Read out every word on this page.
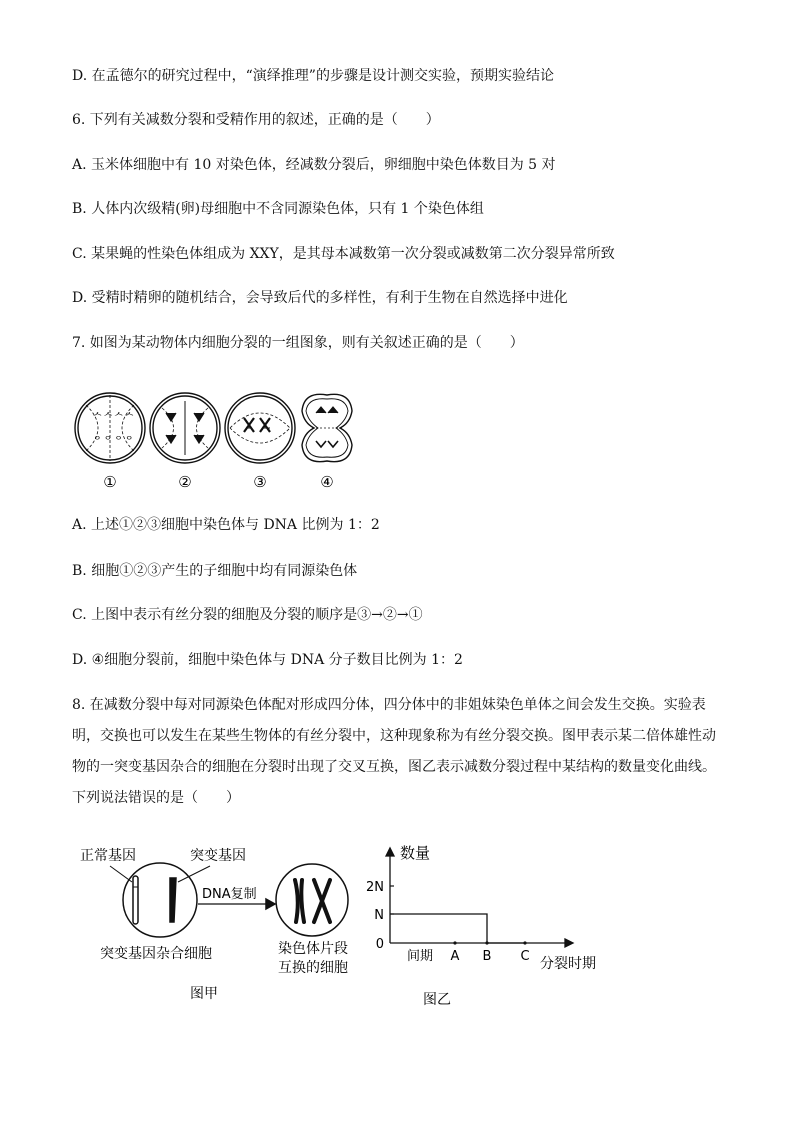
D. 在孟德尔的研究过程中，“演绎推理”的步骤是设计测交实验，预期实验结论
6. 下列有关减数分裂和受精作用的叙述，正确的是（　　）
A. 玉米体细胞中有 10 对染色体，经减数分裂后，卵细胞中染色体数目为 5 对
B. 人体内次级精(卵)母细胞中不含同源染色体，只有 1 个染色体组
C. 某果蝇的性染色体组成为 XXY，是其母本减数第一次分裂或减数第二次分裂异常所致
D. 受精时精卵的随机结合，会导致后代的多样性，有利于生物在自然选择中进化
7. 如图为某动物体内细胞分裂的一组图象，则有关叙述正确的是（　　）
ᄉᄉᄉᄉ
ᄋᄋᄋᄋ
①	②	③	④
A. 上述①②③细胞中染色体与 DNA 比例为 1：2
B. 细胞①②③产生的子细胞中均有同源染色体
C. 上图中表示有丝分裂的细胞及分裂的顺序是③→②→①
D. ④细胞分裂前，细胞中染色体与 DNA 分子数目比例为 1：2
8. 在减数分裂中每对同源染色体配对形成四分体，四分体中的非姐妹染色单体之间会发生交换。实验表
明，交换也可以发生在某些生物体的有丝分裂中，这种现象称为有丝分裂交换。图甲表示某二倍体雄性动
物的一突变基因杂合的细胞在分裂时出现了交叉互换，图乙表示减数分裂过程中某结构的数量变化曲线。
下列说法错误的是（　　）
正常基因	突变基因
DNA复制
突变基因杂合细胞	染色体片段
互换的细胞
图甲
数量
分裂时期
图乙
2N
N
0
间期 A B C
